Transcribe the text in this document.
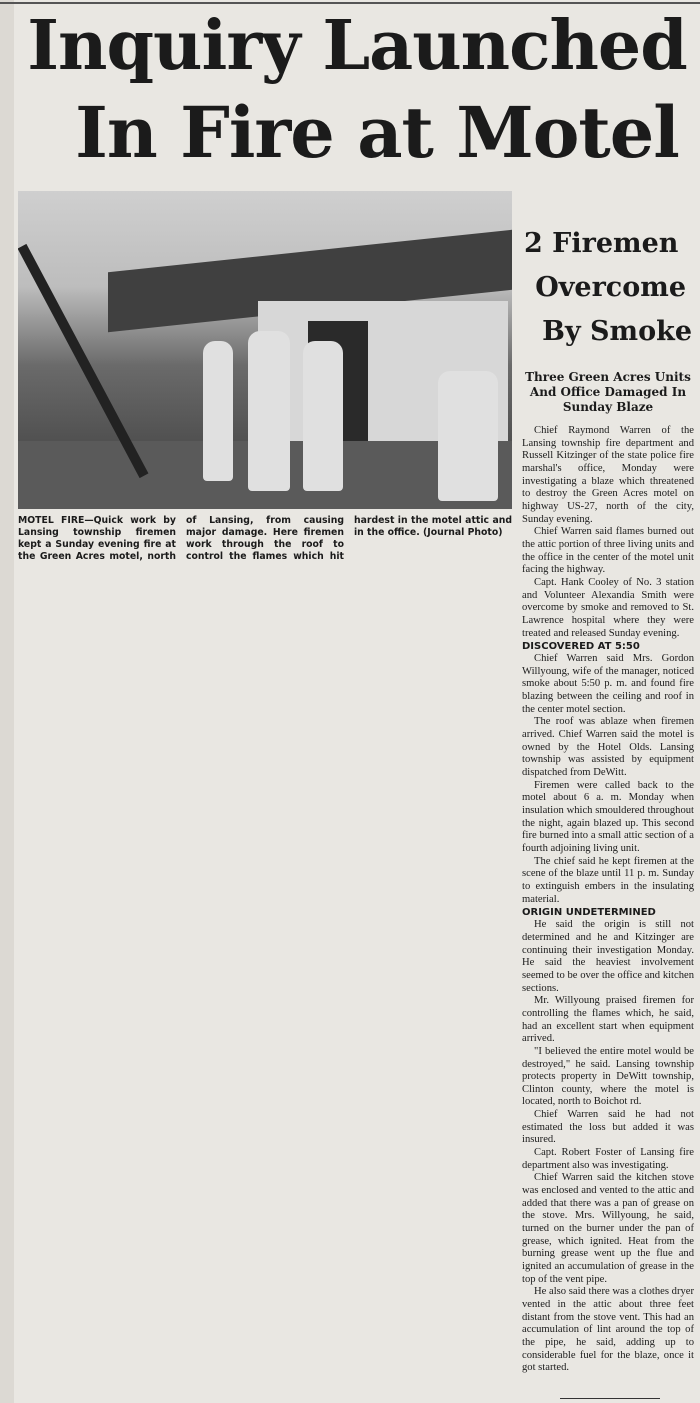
Inquiry Launched
In Fire at Motel
MOTEL FIRE—Quick work by Lansing township firemen kept a Sunday evening fire at the Green Acres motel, north of Lansing, from causing major damage. Here firemen work through the roof to control the flames which hit hardest in the motel attic and in the office. (Journal Photo)
2 Firemen
Overcome
By Smoke
Three Green Acres Units And Office Damaged In Sunday Blaze

Chief Raymond Warren of the Lansing township fire department and Russell Kitzinger of the state police fire marshal's office, Monday were investigating a blaze which threatened to destroy the Green Acres motel on highway US-27, north of the city, Sunday evening.

Chief Warren said flames burned out the attic portion of three living units and the office in the center of the motel unit facing the highway.

Capt. Hank Cooley of No. 3 station and Volunteer Alexandia Smith were overcome by smoke and removed to St. Lawrence hospital where they were treated and released Sunday evening.

DISCOVERED AT 5:50

Chief Warren said Mrs. Gordon Willyoung, wife of the manager, noticed smoke about 5:50 p. m. and found fire blazing between the ceiling and roof in the center motel section.

The roof was ablaze when firemen arrived. Chief Warren said the motel is owned by the Hotel Olds. Lansing township was assisted by equipment dispatched from DeWitt.

Firemen were called back to the motel about 6 a. m. Monday when insulation which smouldered throughout the night, again blazed up. This second fire burned into a small attic section of a fourth adjoining living unit.

The chief said he kept firemen at the scene of the blaze until 11 p. m. Sunday to extinguish embers in the insulating material.

ORIGIN UNDETERMINED

He said the origin is still not determined and he and Kitzinger are continuing their investigation Monday. He said the heaviest involvement seemed to be over the office and kitchen sections.

Mr. Willyoung praised firemen for controlling the flames which, he said, had an excellent start when equipment arrived.

"I believed the entire motel would be destroyed," he said. Lansing township protects property in DeWitt township, Clinton county, where the motel is located, north to Boichot rd.

Chief Warren said he had not estimated the loss but added it was insured.

Capt. Robert Foster of Lansing fire department also was investigating.

Chief Warren said the kitchen stove was enclosed and vented to the attic and added that there was a pan of grease on the stove. Mrs. Willyoung, he said, turned on the burner under the pan of grease, which ignited. Heat from the burning grease went up the flue and ignited an accumulation of grease in the top of the vent pipe.

He also said there was a clothes dryer vented in the attic about three feet distant from the stove vent. This had an accumulation of lint around the top of the pipe, he said, adding up to considerable fuel for the blaze, once it got started.
